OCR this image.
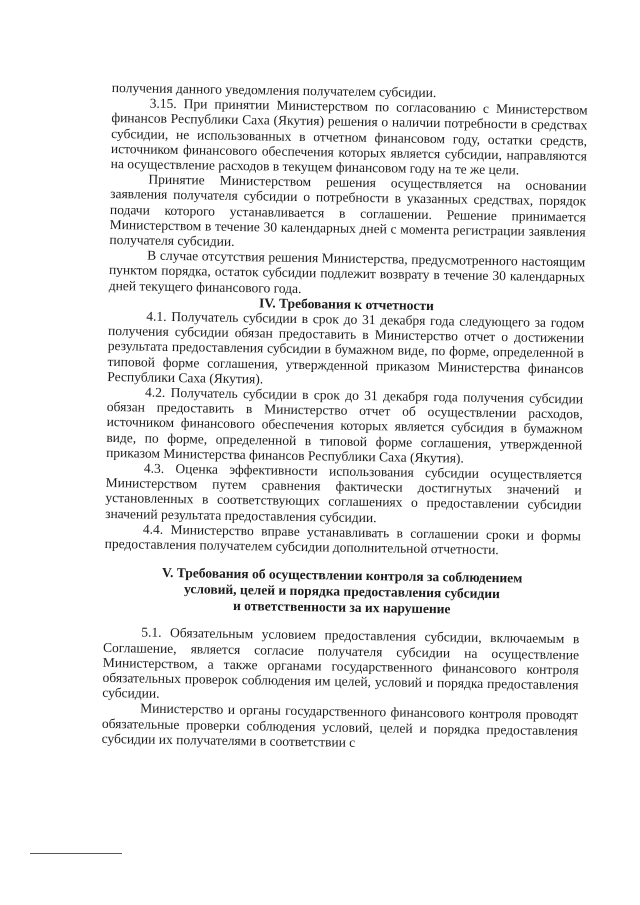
получения данного уведомления получателем субсидии.

3.15. При принятии Министерством по согласованию с Министерством финансов Республики Саха (Якутия) решения о наличии потребности в средствах субсидии, не использованных в отчетном финансовом году, остатки средств, источником финансового обеспечения которых является субсидии, направляются на осуществление расходов в текущем финансовом году на те же цели.

Принятие Министерством решения осуществляется на основании заявления получателя субсидии о потребности в указанных средствах, порядок подачи которого устанавливается в соглашении. Решение принимается Министерством в течение 30 календарных дней с момента регистрации заявления получателя субсидии.

В случае отсутствия решения Министерства, предусмотренного настоящим пунктом порядка, остаток субсидии подлежит возврату в течение 30 календарных дней текущего финансового года.

IV. Требования к отчетности

4.1. Получатель субсидии в срок до 31 декабря года следующего за годом получения субсидии обязан предоставить в Министерство отчет о достижении результата предоставления субсидии в бумажном виде, по форме, определенной в типовой форме соглашения, утвержденной приказом Министерства финансов Республики Саха (Якутия).

4.2. Получатель субсидии в срок до 31 декабря года получения субсидии обязан предоставить в Министерство отчет об осуществлении расходов, источником финансового обеспечения которых является субсидия в бумажном виде, по форме, определенной в типовой форме соглашения, утвержденной приказом Министерства финансов Республики Саха (Якутия).

4.3. Оценка эффективности использования субсидии осуществляется Министерством путем сравнения фактически достигнутых значений и установленных в соответствующих соглашениях о предоставлении субсидии значений результата предоставления субсидии.

4.4. Министерство вправе устанавливать в соглашении сроки и формы предоставления получателем субсидии дополнительной отчетности.

V. Требования об осуществлении контроля за соблюдением
условий, целей и порядка предоставления субсидии
и ответственности за их нарушение

5.1. Обязательным условием предоставления субсидии, включаемым в Соглашение, является согласие получателя субсидии на осуществление Министерством, а также органами государственного финансового контроля обязательных проверок соблюдения им целей, условий и порядка предоставления субсидии.

Министерство и органы государственного финансового контроля проводят обязательные проверки соблюдения условий, целей и порядка предоставления субсидии их получателями в соответствии с
